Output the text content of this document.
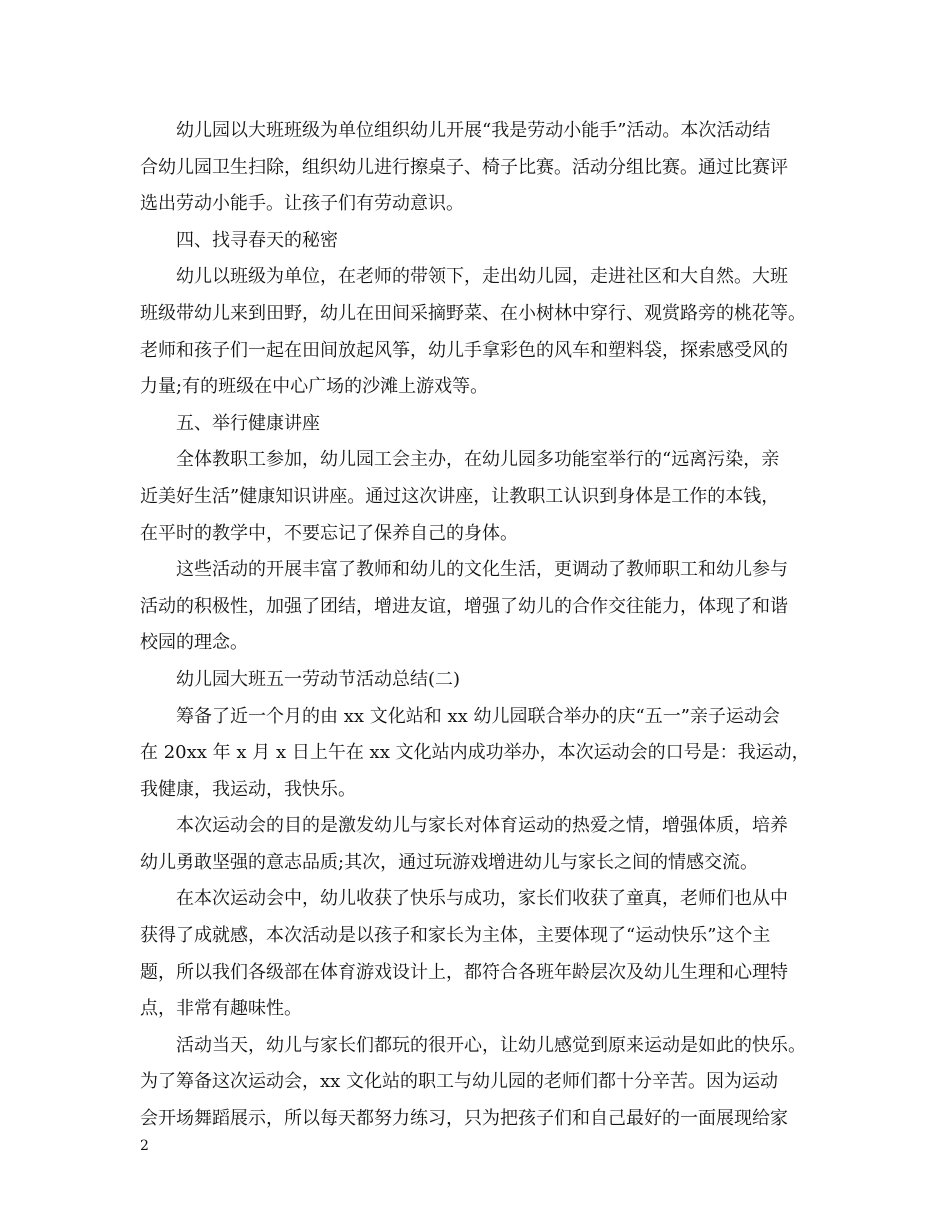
幼儿园以大班班级为单位组织幼儿开展“我是劳动小能手”活动。本次活动结
合幼儿园卫生扫除，组织幼儿进行擦桌子、椅子比赛。活动分组比赛。通过比赛评
选出劳动小能手。让孩子们有劳动意识。
四、找寻春天的秘密
幼儿以班级为单位，在老师的带领下，走出幼儿园，走进社区和大自然。大班
班级带幼儿来到田野，幼儿在田间采摘野菜、在小树林中穿行、观赏路旁的桃花等。
老师和孩子们一起在田间放起风筝，幼儿手拿彩色的风车和塑料袋，探索感受风的
力量;有的班级在中心广场的沙滩上游戏等。
五、举行健康讲座
全体教职工参加，幼儿园工会主办，在幼儿园多功能室举行的“远离污染，亲
近美好生活”健康知识讲座。通过这次讲座，让教职工认识到身体是工作的本钱，
在平时的教学中，不要忘记了保养自己的身体。
这些活动的开展丰富了教师和幼儿的文化生活，更调动了教师职工和幼儿参与
活动的积极性，加强了团结，增进友谊，增强了幼儿的合作交往能力，体现了和谐
校园的理念。
幼儿园大班五一劳动节活动总结(二)
筹备了近一个月的由 xx 文化站和 xx 幼儿园联合举办的庆“五一”亲子运动会
在 20xx 年 x 月 x 日上午在 xx 文化站内成功举办，本次运动会的口号是：我运动，
我健康，我运动，我快乐。
本次运动会的目的是激发幼儿与家长对体育运动的热爱之情，增强体质，培养
幼儿勇敢坚强的意志品质;其次，通过玩游戏增进幼儿与家长之间的情感交流。
在本次运动会中，幼儿收获了快乐与成功，家长们收获了童真，老师们也从中
获得了成就感，本次活动是以孩子和家长为主体，主要体现了“运动快乐”这个主
题，所以我们各级部在体育游戏设计上，都符合各班年龄层次及幼儿生理和心理特
点，非常有趣味性。
活动当天，幼儿与家长们都玩的很开心，让幼儿感觉到原来运动是如此的快乐。
为了筹备这次运动会，xx 文化站的职工与幼儿园的老师们都十分辛苦。因为运动
会开场舞蹈展示，所以每天都努力练习，只为把孩子们和自己最好的一面展现给家
2
